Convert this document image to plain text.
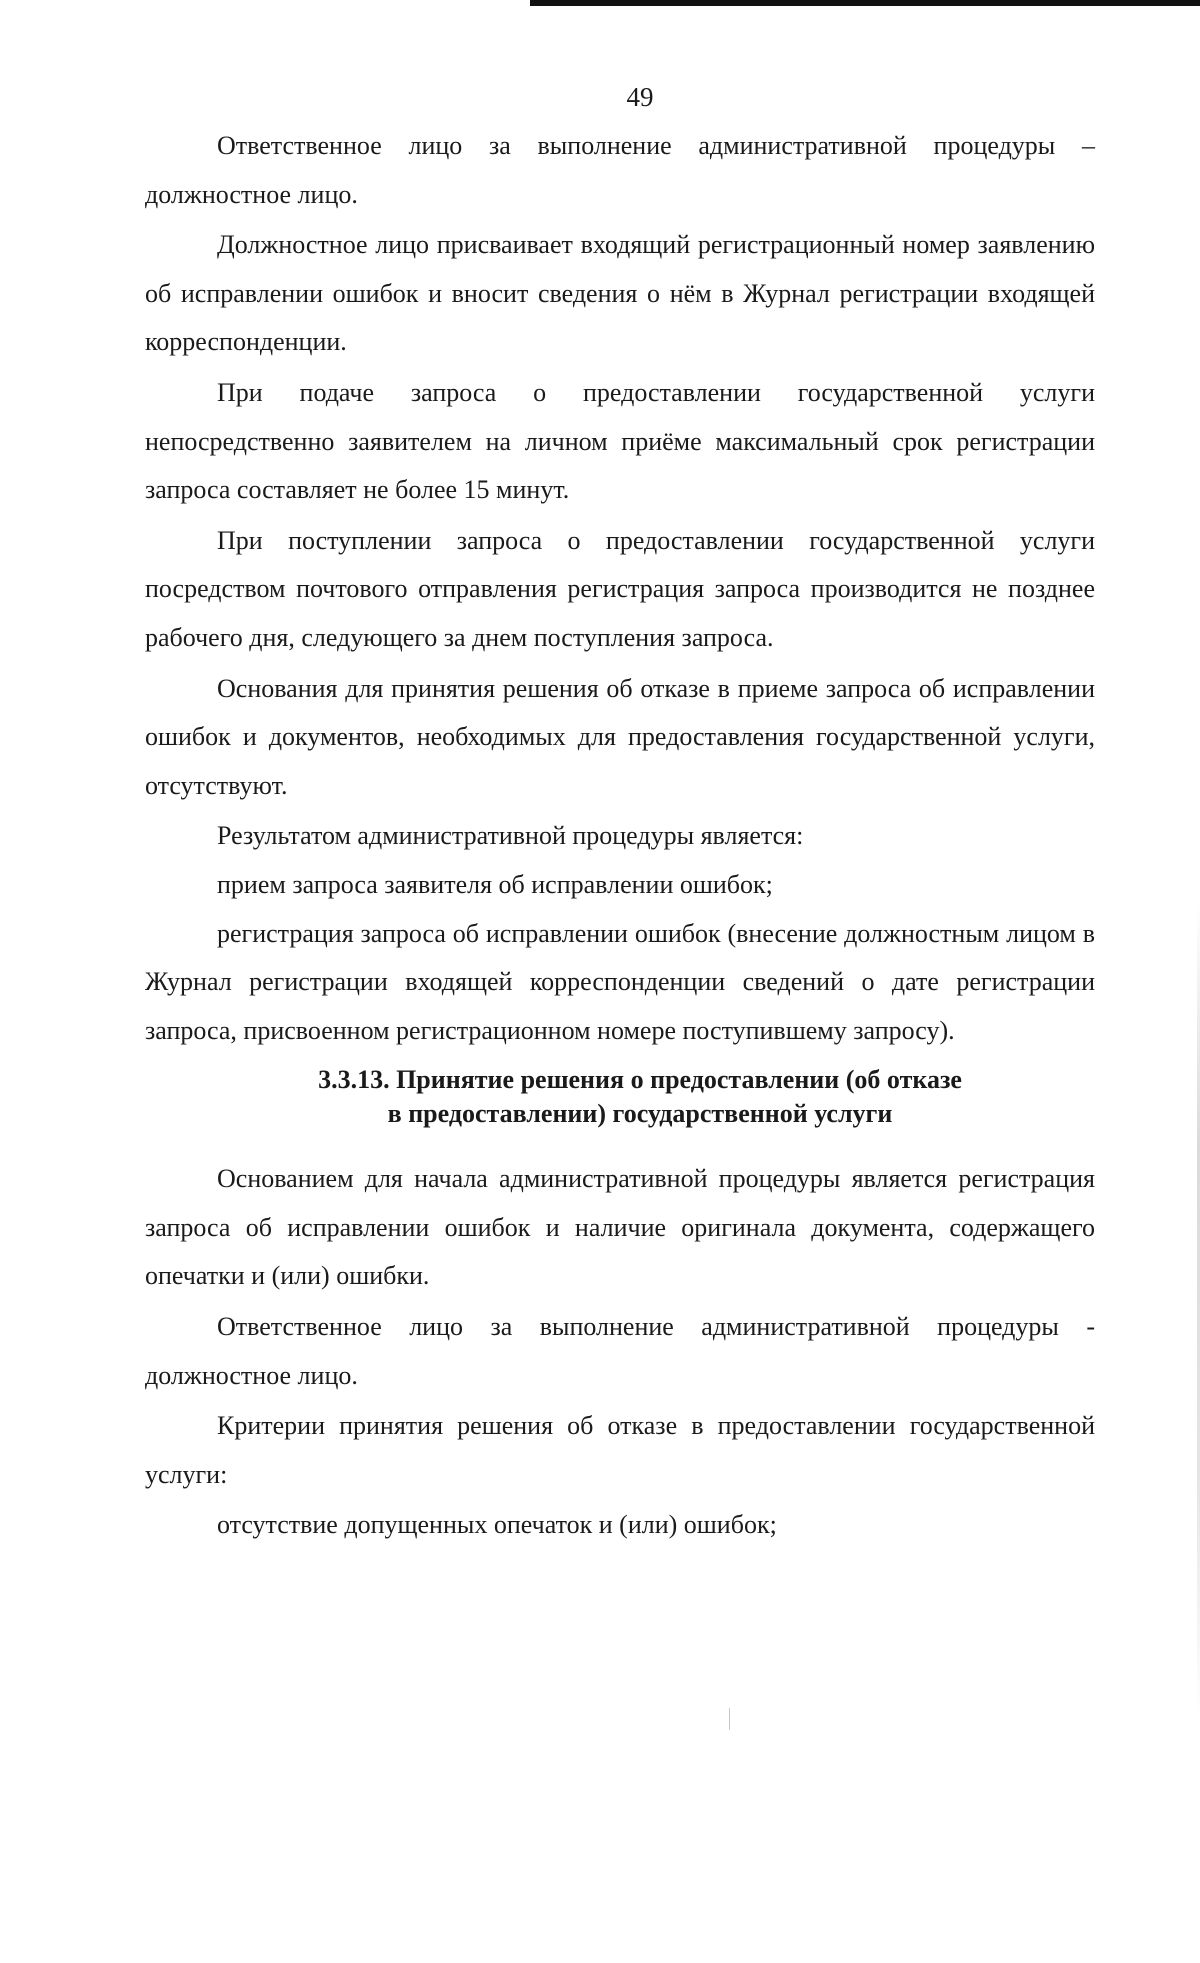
49

Ответственное лицо за выполнение административной процедуры – должностное лицо.

Должностное лицо присваивает входящий регистрационный номер заявлению об исправлении ошибок и вносит сведения о нём в Журнал регистрации входящей корреспонденции.

При подаче запроса о предоставлении государственной услуги непосредственно заявителем на личном приёме максимальный срок регистрации запроса составляет не более 15 минут.

При поступлении запроса о предоставлении государственной услуги посредством почтового отправления регистрация запроса производится не позднее рабочего дня, следующего за днем поступления запроса.

Основания для принятия решения об отказе в приеме запроса об исправлении ошибок и документов, необходимых для предоставления государственной услуги, отсутствуют.

Результатом административной процедуры является:

прием запроса заявителя об исправлении ошибок;

регистрация запроса об исправлении ошибок (внесение должностным лицом в Журнал регистрации входящей корреспонденции сведений о дате регистрации запроса, присвоенном регистрационном номере поступившему запросу).

3.3.13. Принятие решения о предоставлении (об отказе
в предоставлении) государственной услуги

Основанием для начала административной процедуры является регистрация запроса об исправлении ошибок и наличие оригинала документа, содержащего опечатки и (или) ошибки.

Ответственное лицо за выполнение административной процедуры - должностное лицо.

Критерии принятия решения об отказе в предоставлении государственной услуги:

отсутствие допущенных опечаток и (или) ошибок;
